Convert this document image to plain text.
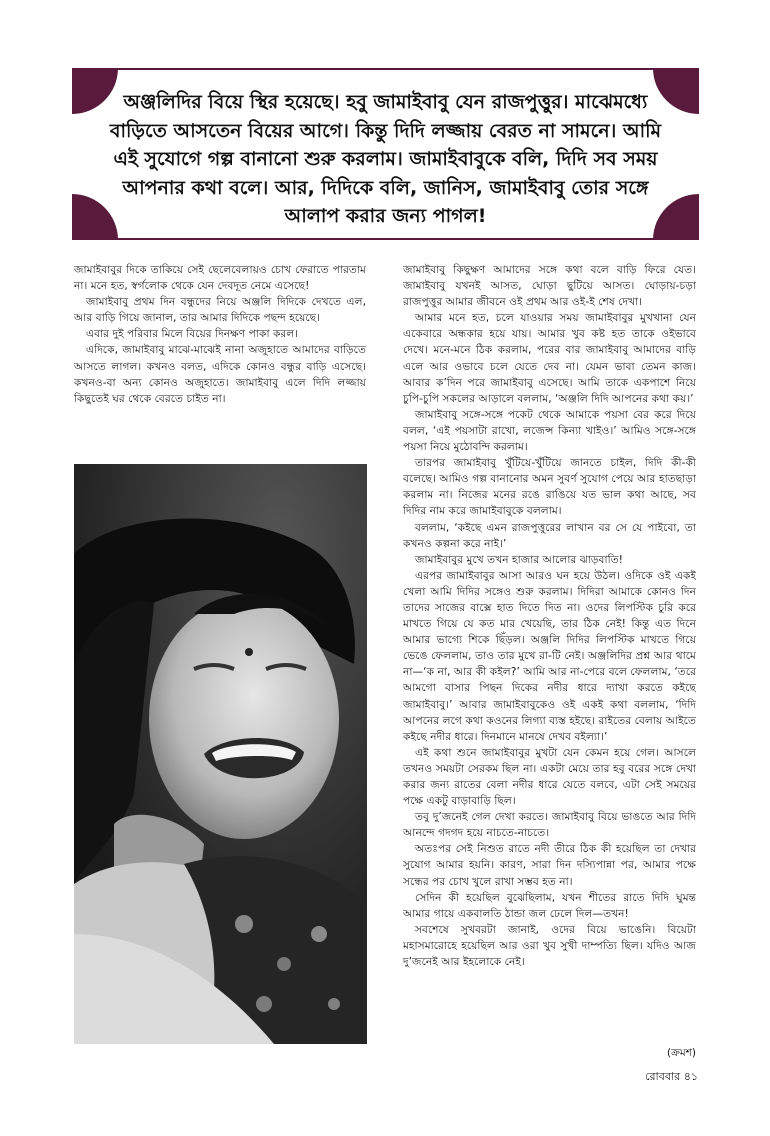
অঞ্জলিদির বিয়ে স্থির হয়েছে। হবু জামাইবাবু যেন রাজপুত্তুর। মাঝেমধ্যে বাড়িতে আসতেন বিয়ের আগে। কিন্তু দিদি লজ্জায় বেরত না সামনে। আমি এই সুযোগে গল্প বানানো শুরু করলাম। জামাইবাবুকে বলি, দিদি সব সময় আপনার কথা বলে। আর, দিদিকে বলি, জানিস, জামাইবাবু তোর সঙ্গে আলাপ করার জন্য পাগল!

জামাইবাবুর দিকে তাকিয়ে সেই ছেলেবেলায়ও চোখ ফেরাতে পারতাম না। মনে হত, স্বর্গলোক থেকে যেন দেবদূত নেমে এসেছে!

জামাইবাবু প্রথম দিন বন্ধুদের নিয়ে অঞ্জলি দিদিকে দেখতে এল, আর বাড়ি গিয়ে জানাল, তার আমার দিদিকে পছন্দ হয়েছে।

এবার দুই পরিবার মিলে বিয়ের দিনক্ষণ পাকা করল।

এদিকে, জামাইবাবু মাঝে-মাঝেই নানা অজুহাতে আমাদের বাড়িতে আসতে লাগল। কখনও বলত, এদিকে কোনও বন্ধুর বাড়ি এসেছে। কখনও-বা অন্য কোনও অজুহাতে। জামাইবাবু এলে দিদি লজ্জায় কিছুতেই ঘর থেকে বেরতে চাইত না।

জামাইবাবু কিছুক্ষণ আমাদের সঙ্গে কথা বলে বাড়ি ফিরে যেত। জামাইবাবু যখনই আসত, ঘোড়া ছুটিয়ে আসত। ঘোড়ায়-চড়া রাজপুত্তুর আমার জীবনে ওই প্রথম আর ওই-ই শেষ দেখা।

আমার মনে হত, চলে যাওয়ার সময় জামাইবাবুর মুখখানা যেন একেবারে অন্ধকার হয়ে যায়। আমার খুব কষ্ট হত তাকে ওইভাবে দেখে। মনে-মনে ঠিক করলাম, পরের বার জামাইবাবু আমাদের বাড়ি এলে আর ওভাবে চলে যেতে দেব না। যেমন ভাবা তেমন কাজ। আবার ক’দিন পরে জামাইবাবু এসেছে। আমি তাকে একপাশে নিয়ে চুপি-চুপি সকলের আড়ালে বললাম, ‘অঞ্জলি দিদি আপনের কথা কয়।’

জামাইবাবু সঙ্গে-সঙ্গে পকেট থেকে আমাকে পয়সা বের করে দিয়ে বলল, ‘এই পয়সাটা রাখো, লজেন্স কিন্যা খাইও।’ আমিও সঙ্গে-সঙ্গে পয়সা নিয়ে মুঠোবন্দি করলাম।

তারপর জামাইবাবু খুঁটিয়ে-খুঁটিয়ে জানতে চাইল, দিদি কী-কী বলেছে। আমিও গল্প বানানোর অমন সুবর্ণ সুযোগ পেয়ে আর হাতছাড়া করলাম না। নিজের মনের রঙে রাঙিয়ে যত ভাল কথা আছে, সব দিদির নাম করে জামাইবাবুকে বললাম।

বললাম, ‘কইছে এমন রাজপুত্তুরের লাখান বর সে যে পাইবো, তা কখনও কল্পনা করে নাই।’

জামাইবাবুর মুখে তখন হাজার আলোর ঝাড়বাতি!

এরপর জামাইবাবুর আসা আরও ঘন হয়ে উঠল। ওদিকে ওই একই খেলা আমি দিদির সঙ্গেও শুরু করলাম। দিদিরা আমাকে কোনও দিন তাদের সাজের বাক্সে হাত দিতে দিত না। ওদের লিপস্টিক চুরি করে মাখতে গিয়ে যে কত মার খেয়েছি, তার ঠিক নেই! কিন্তু এত দিনে আমার ভাগ্যে শিকে ছিঁড়ল। অঞ্জলি দিদির লিপস্টিক মাখতে গিয়ে ভেঙে ফেললাম, তাও তার মুখে রা-টি নেই। অঞ্জলিদির প্রশ্ন আর থামে না—‘ক না, আর কী কইল?’ আমি আর না-পেরে বলে ফেললাম, ‘তরে আমগো বাসার পিছন দিকের নদীর ধারে দ্যাখা করতে কইছে জামাইবাবু।’ আবার জামাইবাবুকেও ওই একই কথা বললাম, ‘দিদি আপনের লগে কথা কওনের লিগ্যা ব্যস্ত হইছে। রাইতের বেলায় আইতে কইছে নদীর ধারে। দিনমানে মানষে দেখব বইল্যা।’

এই কথা শুনে জামাইবাবুর মুখটা যেন কেমন হয়ে গেল। আসলে তখনও সময়টা সেরকম ছিল না। একটা মেয়ে তার হবু বরের সঙ্গে দেখা করার জন্য রাতের বেলা নদীর ধারে যেতে বলবে, এটা সেই সময়ের পক্ষে একটু বাড়াবাড়ি ছিল।

তবু দু’জনেই গেল দেখা করতে। জামাইবাবু বিয়ে ভাঙতে আর দিদি আনন্দে গদগদ হয়ে নাচতে-নাচতে।

অতঃপর সেই নিশুত রাতে নদী তীরে ঠিক কী হয়েছিল তা দেখার সুযোগ আমার হয়নি। কারণ, সারা দিন দস্যিপান্না পর, আমার পক্ষে সন্ধের পর চোখ খুলে রাখা সম্ভব হত না।

সেদিন কী হয়েছিল বুঝেছিলাম, যখন শীতের রাতে দিদি ঘুমন্ত আমার গায়ে একবালতি ঠান্ডা জল ঢেলে দিল—তখন!

সবশেষে সুখবরটা জানাই, ওদের বিয়ে ভাঙেনি। বিয়েটা মহাসমারোহে হয়েছিল আর ওরা খুব সুখী দাম্পত্যি ছিল। যদিও আজ দু’জনেই আর ইহলোকে নেই।

(ক্রমশ)
রোববার ৪১
